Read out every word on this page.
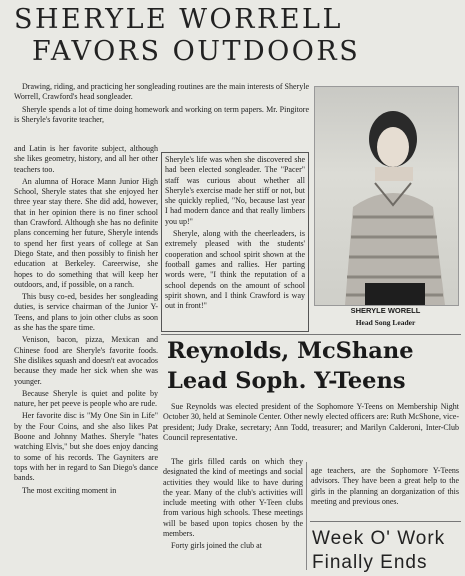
SHERYLE WORRELL
FAVORS OUTDOORS

Drawing, riding, and practicing her songleading routines are the main interests of Sheryle Worrell, Crawford's head songleader.

Sheryle spends a lot of time doing homework and working on term papers. Mr. Pingitore is Sheryle's favorite teacher,

and Latin is her favorite subject, although she likes geometry, history, and all her other teachers too.

An alumna of Horace Mann Junior High School, Sheryle states that she enjoyed her three year stay there. She did add, however, that in her opinion there is no finer school than Crawford. Although she has no definite plans concerning her future, Sheryle intends to spend her first years of college at San Diego State, and then possibly to finish her education at Berkeley. Careerwise, she hopes to do something that will keep her outdoors, and, if possible, on a ranch.

This busy co-ed, besides her songleading duties, is service chairman of the Junior Y-Teens, and plans to join other clubs as soon as she has the spare time.

Venison, bacon, pizza, Mexican and Chinese food are Sheryle's favorite foods. She dislikes squash and doesn't eat avocados because they made her sick when she was younger.

Because Sheryle is quiet and polite by nature, her pet peeve is people who are rude.

Her favorite disc is "My One Sin in Life" by the Four Coins, and she also likes Pat Boone and Johnny Mathes. Sheryle "hates watching Elvis," but she does enjoy dancing to some of his records. The Gayniters are tops with her in regard to San Diego's dance bands.

The most exciting moment in

Sheryle's life was when she discovered she had been elected songleader. The "Pacer" staff was curious about whether all Sheryle's exercise made her stiff or not, but she quickly replied, "No, because last year I had modern dance and that really limbers you up!"

Sheryle, along with the cheerleaders, is extremely pleased with the students' cooperation and school spirit shown at the football games and rallies. Her parting words were, "I think the reputation of a school depends on the amount of school spirit shown, and I think Crawford is way out in front!"

SHERYLE WORELL
Head Song Leader
Reynolds, McShane
Lead Soph. Y-Teens

Sue Reynolds was elected president of the Sophomore Y-Teens on Membership Night October 30, held at Seminole Center. Other newly elected officers are: Ruth McShone, vice-president; Judy Drake, secretary; Ann Todd, treasurer; and Marilyn Calderoni, Inter-Club Council representative.

The girls filled cards on which they designated the kind of meetings and social activities they would like to have during the year. Many of the club's activities will include meeting with other Y-Teen clubs from various high schools. These meetings will be based upon topics chosen by the members.

Forty girls joined the club at

age teachers, are the Sophomore Y-Teens advisors. They have been a great help to the girls in the planning an dorganization of this meeting and previous ones.

Week O' Work
Finally Ends
